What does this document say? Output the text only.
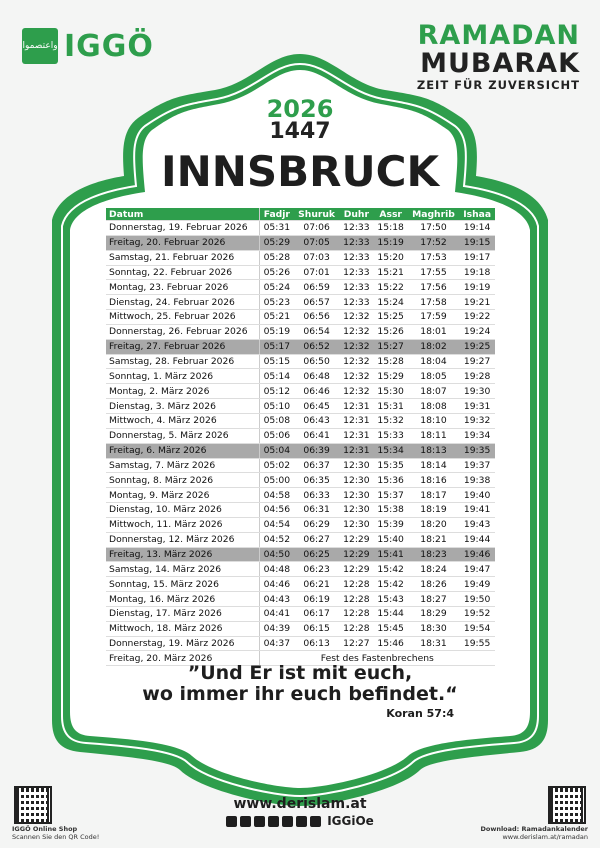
واعتصموا IGGÖ	RAMADAN
MUBARAK
ZEIT FÜR ZUVERSICHT
2026
1447
INNSBRUCK
Datum	Fadjr	Shuruk	Duhr	Assr	Maghrib	Ishaa
Donnerstag, 19. Februar 2026	05:31	07:06	12:33	15:18	17:50	19:14
Freitag, 20. Februar 2026	05:29	07:05	12:33	15:19	17:52	19:15
Samstag, 21. Februar 2026	05:28	07:03	12:33	15:20	17:53	19:17
Sonntag, 22. Februar 2026	05:26	07:01	12:33	15:21	17:55	19:18
Montag, 23. Februar 2026	05:24	06:59	12:33	15:22	17:56	19:19
Dienstag, 24. Februar 2026	05:23	06:57	12:33	15:24	17:58	19:21
Mittwoch, 25. Februar 2026	05:21	06:56	12:32	15:25	17:59	19:22
Donnerstag, 26. Februar 2026	05:19	06:54	12:32	15:26	18:01	19:24
Freitag, 27. Februar 2026	05:17	06:52	12:32	15:27	18:02	19:25
Samstag, 28. Februar 2026	05:15	06:50	12:32	15:28	18:04	19:27
Sonntag, 1. März 2026	05:14	06:48	12:32	15:29	18:05	19:28
Montag, 2. März 2026	05:12	06:46	12:32	15:30	18:07	19:30
Dienstag, 3. März 2026	05:10	06:45	12:31	15:31	18:08	19:31
Mittwoch, 4. März 2026	05:08	06:43	12:31	15:32	18:10	19:32
Donnerstag, 5. März 2026	05:06	06:41	12:31	15:33	18:11	19:34
Freitag, 6. März 2026	05:04	06:39	12:31	15:34	18:13	19:35
Samstag, 7. März 2026	05:02	06:37	12:30	15:35	18:14	19:37
Sonntag, 8. März 2026	05:00	06:35	12:30	15:36	18:16	19:38
Montag, 9. März 2026	04:58	06:33	12:30	15:37	18:17	19:40
Dienstag, 10. März 2026	04:56	06:31	12:30	15:38	18:19	19:41
Mittwoch, 11. März 2026	04:54	06:29	12:30	15:39	18:20	19:43
Donnerstag, 12. März 2026	04:52	06:27	12:29	15:40	18:21	19:44
Freitag, 13. März 2026	04:50	06:25	12:29	15:41	18:23	19:46
Samstag, 14. März 2026	04:48	06:23	12:29	15:42	18:24	19:47
Sonntag, 15. März 2026	04:46	06:21	12:28	15:42	18:26	19:49
Montag, 16. März 2026	04:43	06:19	12:28	15:43	18:27	19:50
Dienstag, 17. März 2026	04:41	06:17	12:28	15:44	18:29	19:52
Mittwoch, 18. März 2026	04:39	06:15	12:28	15:45	18:30	19:54
Donnerstag, 19. März 2026	04:37	06:13	12:27	15:46	18:31	19:55
Freitag, 20. März 2026	Fest des Fastenbrechens					
”Und Er ist mit euch,
wo immer ihr euch befindet.“
Koran 57:4
www.derislam.at
IGGiOe
IGGÖ Online Shop
Scannen Sie den QR Code!
Download: Ramadankalender
www.derislam.at/ramadan
